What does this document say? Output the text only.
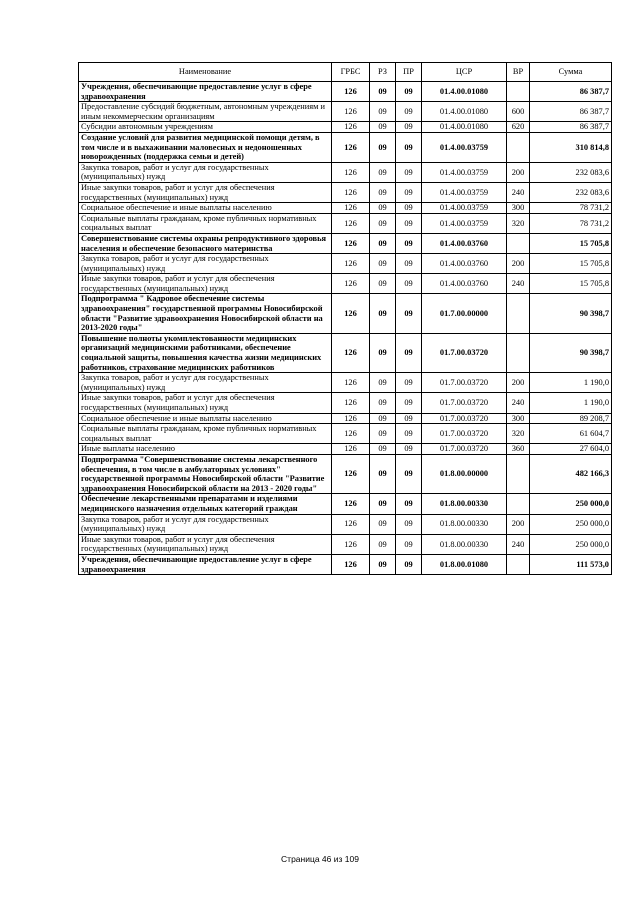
Наименование	ГРБС	РЗ	ПР	ЦСР	ВР	Сумма
Учреждения, обеспечивающие предоставление услуг в сфере здравоохранения	126	09	09	01.4.00.01080		86 387,7
Предоставление субсидий бюджетным, автономным учреждениям и иным некоммерческим организациям	126	09	09	01.4.00.01080	600	86 387,7
Субсидии автономным учреждениям	126	09	09	01.4.00.01080	620	86 387,7
Создание условий для развития медицинской помощи детям, в том числе и в выхаживании маловесных и недоношенных новорожденных (поддержка семьи и детей)	126	09	09	01.4.00.03759		310 814,8
Закупка товаров, работ и услуг для государственных (муниципальных) нужд	126	09	09	01.4.00.03759	200	232 083,6
Иные закупки товаров, работ и услуг для обеспечения государственных (муниципальных) нужд	126	09	09	01.4.00.03759	240	232 083,6
Социальное обеспечение и иные выплаты населению	126	09	09	01.4.00.03759	300	78 731,2
Социальные выплаты гражданам, кроме публичных нормативных социальных выплат	126	09	09	01.4.00.03759	320	78 731,2
Совершенствование системы охраны репродуктивного здоровья населения и обеспечение безопасного материнства	126	09	09	01.4.00.03760		15 705,8
Закупка товаров, работ и услуг для государственных (муниципальных) нужд	126	09	09	01.4.00.03760	200	15 705,8
Иные закупки товаров, работ и услуг для обеспечения государственных (муниципальных) нужд	126	09	09	01.4.00.03760	240	15 705,8
Подпрограмма " Кадровое обеспечение системы здравоохранения" государственной программы Новосибирской области "Развитие здравоохранения Новосибирской области на 2013-2020 годы"	126	09	09	01.7.00.00000		90 398,7
Повышение полноты укомплектованности медицинских организаций медицинскими работниками, обеспечение социальной защиты, повышения качества жизни медицинских работников, страхование медицинских работников	126	09	09	01.7.00.03720		90 398,7
Закупка товаров, работ и услуг для государственных (муниципальных) нужд	126	09	09	01.7.00.03720	200	1 190,0
Иные закупки товаров, работ и услуг для обеспечения государственных (муниципальных) нужд	126	09	09	01.7.00.03720	240	1 190,0
Социальное обеспечение и иные выплаты населению	126	09	09	01.7.00.03720	300	89 208,7
Социальные выплаты гражданам, кроме публичных нормативных социальных выплат	126	09	09	01.7.00.03720	320	61 604,7
Иные выплаты населению	126	09	09	01.7.00.03720	360	27 604,0
Подпрограмма "Совершенствование системы лекарственного обеспечения, в том числе в амбулаторных условиях" государственной программы Новосибирской области "Развитие здравоохранения Новосибирской области на 2013 - 2020 годы"	126	09	09	01.8.00.00000		482 166,3
Обеспечение лекарственными препаратами и изделиями медицинского назначения отдельных категорий граждан	126	09	09	01.8.00.00330		250 000,0
Закупка товаров, работ и услуг для государственных (муниципальных) нужд	126	09	09	01.8.00.00330	200	250 000,0
Иные закупки товаров, работ и услуг для обеспечения государственных (муниципальных) нужд	126	09	09	01.8.00.00330	240	250 000,0
Учреждения, обеспечивающие предоставление услуг в сфере здравоохранения	126	09	09	01.8.00.01080		111 573,0
Страница 46 из 109
